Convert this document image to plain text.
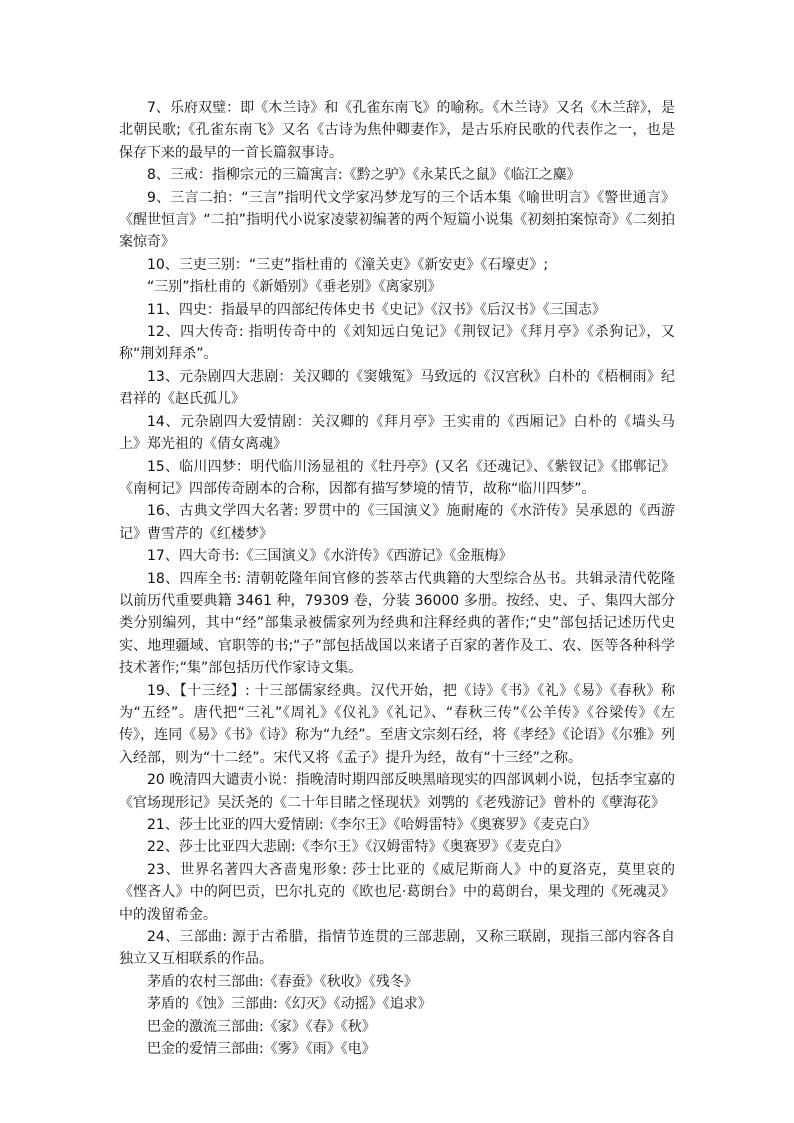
7、乐府双璧：即《木兰诗》和《孔雀东南飞》的喻称。《木兰诗》又名《木兰辞》，是北朝民歌;《孔雀东南飞》又名《古诗为焦仲卿妻作》，是古乐府民歌的代表作之一，也是保存下来的最早的一首长篇叙事诗。

8、三戒：指柳宗元的三篇寓言:《黔之驴》《永某氏之鼠》《临江之麋》

9、三言二拍：“三言”指明代文学家冯梦龙写的三个话本集《喻世明言》《警世通言》《醒世恒言》“二拍”指明代小说家凌蒙初编著的两个短篇小说集《初刻拍案惊奇》《二刻拍案惊奇》

10、三吏三别：“三吏”指杜甫的《潼关吏》《新安吏》《石壕吏》;

“三别”指杜甫的《新婚别》《垂老别》《离家别》

11、四史：指最早的四部纪传体史书《史记》《汉书》《后汉书》《三国志》

12、四大传奇: 指明传奇中的《刘知远白兔记》《荆钗记》《拜月亭》《杀狗记》，又称“荆刘拜杀”。

13、元杂剧四大悲剧：关汉卿的《窦娥冤》马致远的《汉宫秋》白朴的《梧桐雨》纪君祥的《赵氏孤儿》

14、元杂剧四大爱情剧：关汉卿的《拜月亭》王实甫的《西厢记》白朴的《墙头马上》郑光祖的《倩女离魂》

15、临川四梦：明代临川汤显祖的《牡丹亭》(又名《还魂记》、《紫钗记》《邯郸记》《南柯记》四部传奇剧本的合称，因都有描写梦境的情节，故称“临川四梦”。

16、古典文学四大名著: 罗贯中的《三国演义》施耐庵的《水浒传》吴承恩的《西游记》曹雪芹的《红楼梦》

17、四大奇书:《三国演义》《水浒传》《西游记》《金瓶梅》

18、四库全书: 清朝乾隆年间官修的荟萃古代典籍的大型综合丛书。共辑录清代乾隆以前历代重要典籍 3461 种，79309 卷，分装 36000 多册。按经、史、子、集四大部分类分别编列，其中“经”部集录被儒家列为经典和注释经典的著作;“史”部包括记述历代史实、地理疆域、官职等的书;“子”部包括战国以来诸子百家的著作及工、农、医等各种科学技术著作;“集”部包括历代作家诗文集。

19、【十三经】: 十三部儒家经典。汉代开始，把《诗》《书》《礼》《易》《春秋》称为“五经”。唐代把“三礼”《周礼》《仪礼》《礼记》、“春秋三传”《公羊传》《谷梁传》《左传》，连同《易》《书》《诗》称为“九经”。至唐文宗刻石经，将《孝经》《论语》《尔雅》列入经部，则为“十二经”。宋代又将《孟子》提升为经，故有“十三经”之称。

20 晚清四大谴责小说：指晚清时期四部反映黑暗现实的四部讽刺小说，包括李宝嘉的《官场现形记》吴沃尧的《二十年目睹之怪现状》刘鹗的《老残游记》曾朴的《孽海花》

21、莎士比亚的四大爱情剧:《李尔王》《哈姆雷特》《奥赛罗》《麦克白》

22、莎士比亚四大悲剧:《李尔王》《汉姆雷特》《奥赛罗》《麦克白》

23、世界名著四大吝啬鬼形象: 莎士比亚的《威尼斯商人》中的夏洛克，莫里哀的《悭吝人》中的阿巴贡，巴尔扎克的《欧也尼·葛朗台》中的葛朗台，果戈理的《死魂灵》中的泼留希金。

24、三部曲: 源于古希腊，指情节连贯的三部悲剧，又称三联剧，现指三部内容各自独立又互相联系的作品。

茅盾的农村三部曲:《春蚕》《秋收》《残冬》

茅盾的《蚀》三部曲:《幻灭》《动摇》《追求》

巴金的激流三部曲:《家》《春》《秋》

巴金的爱情三部曲:《雾》《雨》《电》
